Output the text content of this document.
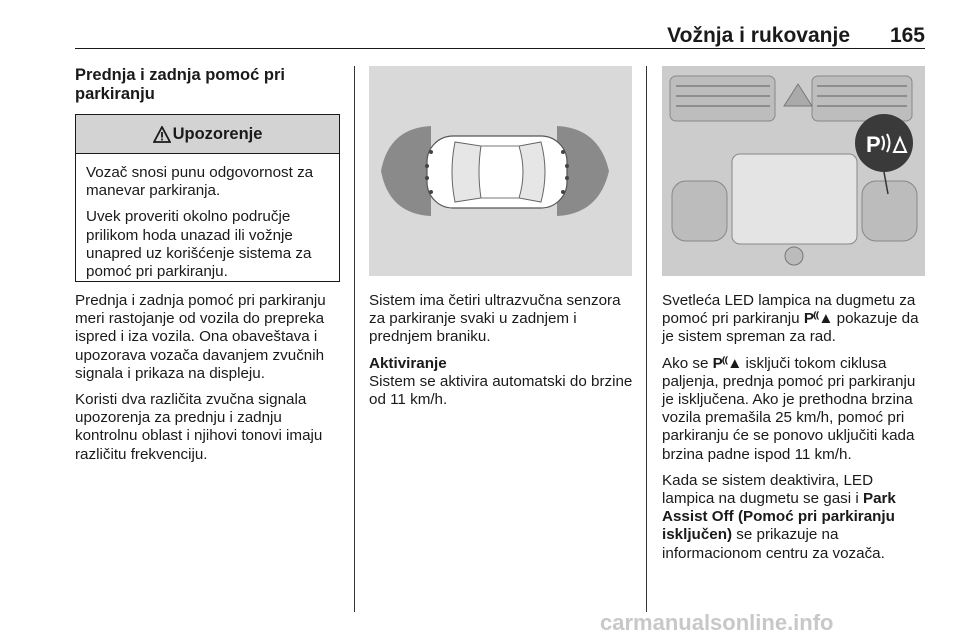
Vožnja i rukovanje 165
Prednja i zadnja pomoć pri parkiranju
Upozorenje

Vozač snosi punu odgovornost za manevar parkiranja.

Uvek proveriti okolno područje prilikom hoda unazad ili vožnje unapred uz korišćenje sistema za pomoć pri parkiranju.

Prednja i zadnja pomoć pri parkiranju meri rastojanje od vozila do prepreka ispred i iza vozila. Ona obaveštava i upozorava vozača davanjem zvučnih signala i prikaza na displeju.

Koristi dva različita zvučna signala upozorenja za prednju i zadnju kontrolnu oblast i njihovi tonovi imaju različitu frekvenciju.

Sistem ima četiri ultrazvučna senzora za parkiranje svaki u zadnjem i prednjem braniku.

Aktiviranje

Sistem se aktivira automatski do brzine od 11 km/h.

P

Svetleća LED lampica na dugmetu za pomoć pri parkiranju P⁽⁽▲ pokazuje da je sistem spreman za rad.

Ako se P⁽⁽▲ isključi tokom ciklusa paljenja, prednja pomoć pri parkiranju je isključena. Ako je prethodna brzina vozila premašila 25 km/h, pomoć pri parkiranju će se ponovo uključiti kada brzina padne ispod 11 km/h.

Kada se sistem deaktivira, LED lampica na dugmetu se gasi i Park Assist Off (Pomoć pri parkiranju isključen) se prikazuje na informacionom centru za vozača.

carmanualsonline.info
